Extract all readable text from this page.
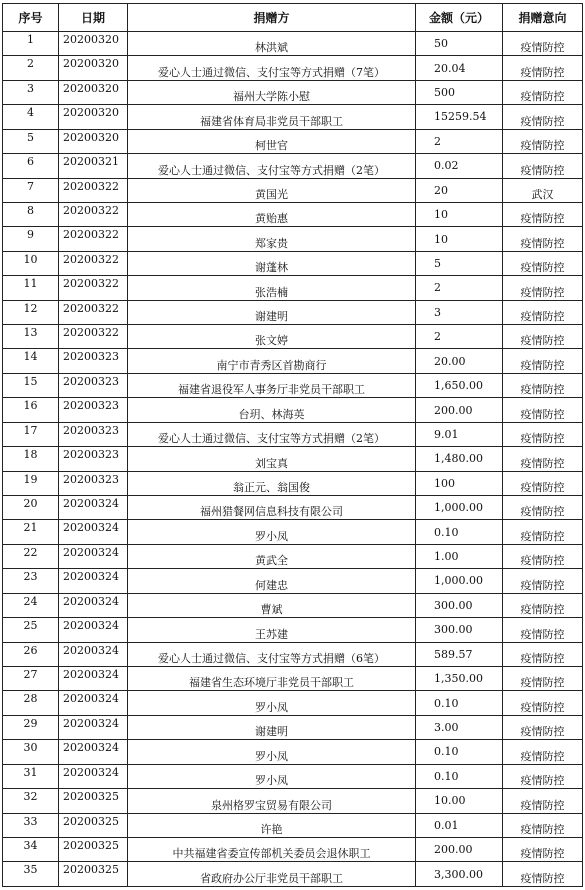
序号	日期	捐赠方	金额（元）	捐赠意向
1	20200320	林洪斌	50	疫情防控
2	20200320	爱心人士通过微信、支付宝等方式捐赠（7笔）	20.04	疫情防控
3	20200320	福州大学陈小慰	500	疫情防控
4	20200320	福建省体育局非党员干部职工	15259.54	疫情防控
5	20200320	柯世官	2	疫情防控
6	20200321	爱心人士通过微信、支付宝等方式捐赠（2笔）	0.02	疫情防控
7	20200322	黄国光	20	武汉
8	20200322	黄贻惠	10	疫情防控
9	20200322	郑家贵	10	疫情防控
10	20200322	谢蓬林	5	疫情防控
11	20200322	张浩楠	2	疫情防控
12	20200322	谢建明	3	疫情防控
13	20200322	张文婷	2	疫情防控
14	20200323	南宁市青秀区首勘商行	20.00	疫情防控
15	20200323	福建省退役军人事务厅非党员干部职工	1,650.00	疫情防控
16	20200323	台玥、林海英	200.00	疫情防控
17	20200323	爱心人士通过微信、支付宝等方式捐赠（2笔）	9.01	疫情防控
18	20200323	刘宝真	1,480.00	疫情防控
19	20200323	翁正元、翁国俊	100	疫情防控
20	20200324	福州猎餐网信息科技有限公司	1,000.00	疫情防控
21	20200324	罗小凤	0.10	疫情防控
22	20200324	黄武全	1.00	疫情防控
23	20200324	何建忠	1,000.00	疫情防控
24	20200324	曹斌	300.00	疫情防控
25	20200324	王苏建	300.00	疫情防控
26	20200324	爱心人士通过微信、支付宝等方式捐赠（6笔）	589.57	疫情防控
27	20200324	福建省生态环境厅非党员干部职工	1,350.00	疫情防控
28	20200324	罗小凤	0.10	疫情防控
29	20200324	谢建明	3.00	疫情防控
30	20200324	罗小凤	0.10	疫情防控
31	20200324	罗小凤	0.10	疫情防控
32	20200325	泉州格罗宝贸易有限公司	10.00	疫情防控
33	20200325	许艳	0.01	疫情防控
34	20200325	中共福建省委宣传部机关委员会退休职工	200.00	疫情防控
35	20200325	省政府办公厅非党员干部职工	3,300.00	疫情防控
